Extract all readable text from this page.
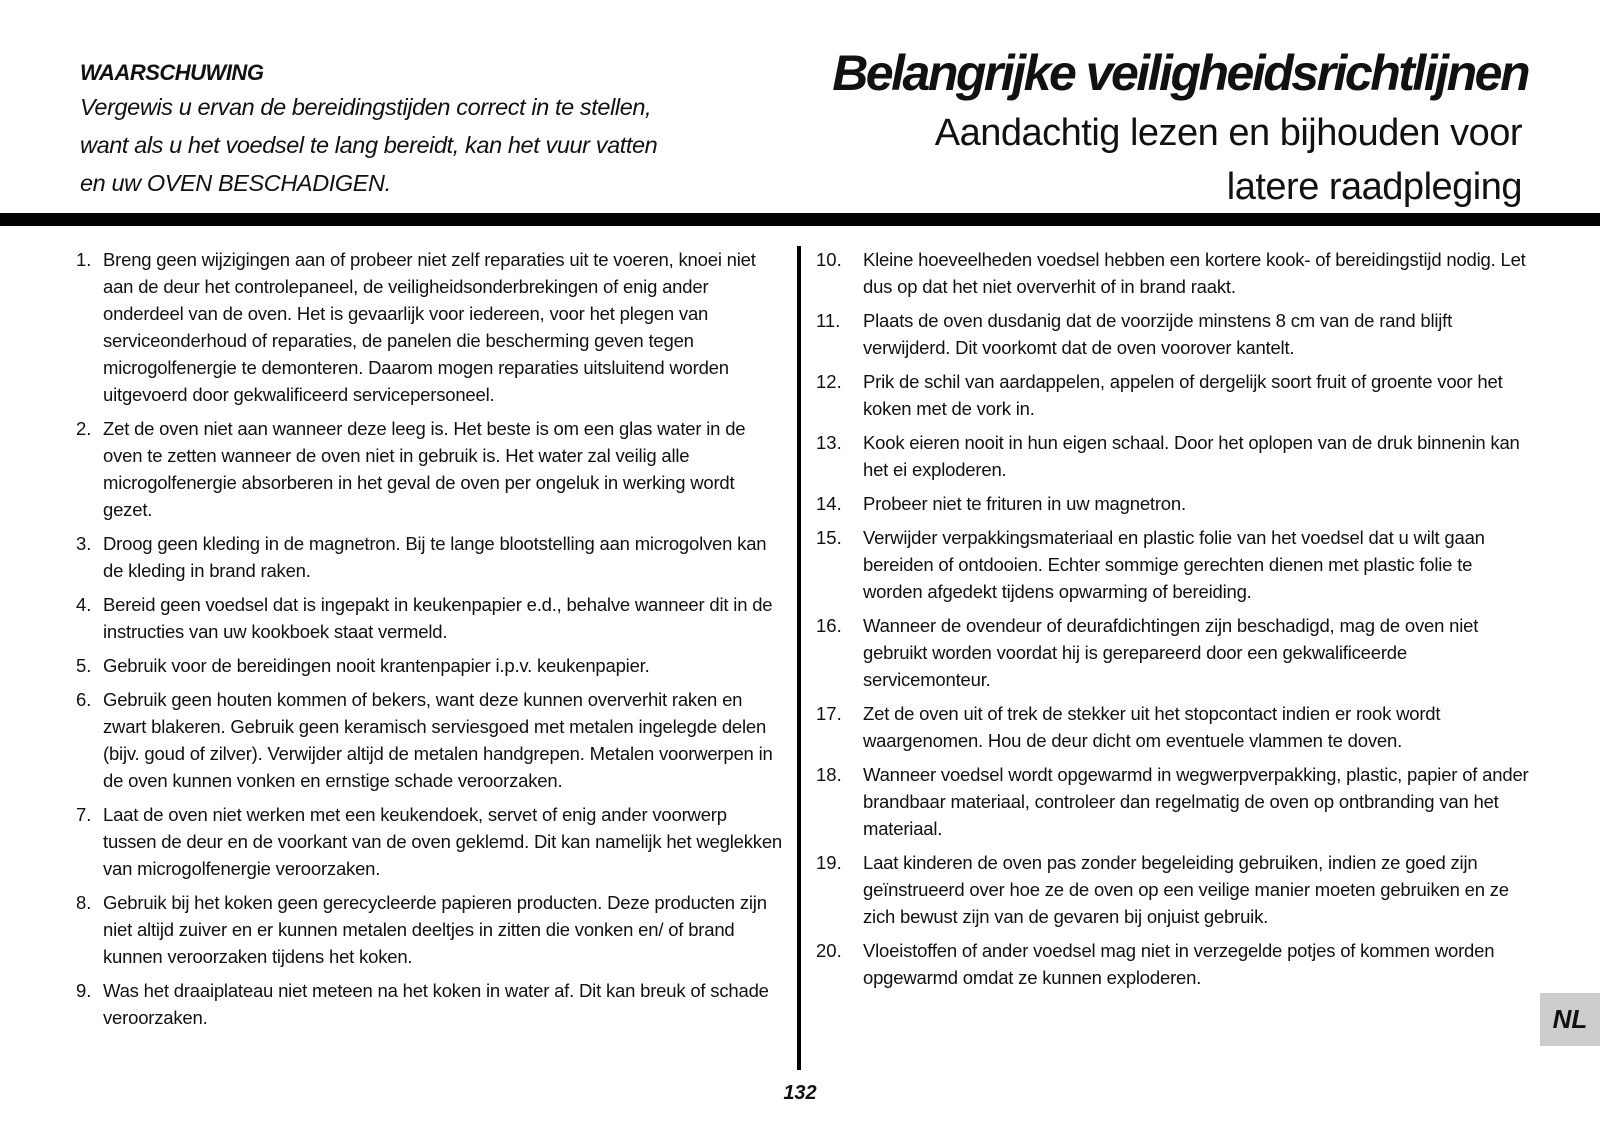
WAARSCHUWING
Vergewis u ervan de bereidingstijden correct in te stellen, want als u het voedsel te lang bereidt, kan het vuur vatten en uw OVEN BESCHADIGEN.
Belangrijke veiligheidsrichtlijnen
Aandachtig lezen en bijhouden voor
latere raadpleging
1. Breng geen wijzigingen aan of probeer niet zelf reparaties uit te voeren, knoei niet aan de deur het controlepaneel, de veiligheidsonderbrekingen of enig ander onderdeel van de oven. Het is gevaarlijk voor iedereen, voor het plegen van serviceonderhoud of reparaties, de panelen die bescherming geven tegen microgolfenergie te demonteren. Daarom mogen reparaties uitsluitend worden uitgevoerd door gekwalificeerd servicepersoneel.
2. Zet de oven niet aan wanneer deze leeg is. Het beste is om een glas water in de oven te zetten wanneer de oven niet in gebruik is. Het water zal veilig alle microgolfenergie absorberen in het geval de oven per ongeluk in werking wordt gezet.
3. Droog geen kleding in de magnetron. Bij te lange blootstelling aan microgolven kan de kleding in brand raken.
4. Bereid geen voedsel dat is ingepakt in keukenpapier e.d., behalve wanneer dit in de instructies van uw kookboek staat vermeld.
5. Gebruik voor de bereidingen nooit krantenpapier i.p.v. keukenpapier.
6. Gebruik geen houten kommen of bekers, want deze kunnen oververhit raken en zwart blakeren. Gebruik geen keramisch serviesgoed met metalen ingelegde delen (bijv. goud of zilver). Verwijder altijd de metalen handgrepen. Metalen voorwerpen in de oven kunnen vonken en ernstige schade veroorzaken.
7. Laat de oven niet werken met een keukendoek, servet of enig ander voorwerp tussen de deur en de voorkant van de oven geklemd. Dit kan namelijk het weglekken van microgolfenergie veroorzaken.
8. Gebruik bij het koken geen gerecycleerde papieren producten. Deze producten zijn niet altijd zuiver en er kunnen metalen deeltjes in zitten die vonken en/ of brand kunnen veroorzaken tijdens het koken.
9. Was het draaiplateau niet meteen na het koken in water af. Dit kan breuk of schade veroorzaken.
10.	Kleine hoeveelheden voedsel hebben een kortere kook- of bereidingstijd nodig. Let dus op dat het niet oververhit of in brand raakt.
11.	Plaats de oven dusdanig dat de voorzijde minstens 8 cm van de rand blijft verwijderd. Dit voorkomt dat de oven voorover kantelt.
12.	Prik de schil van aardappelen, appelen of dergelijk soort fruit of groente voor het koken met de vork in.
13.	Kook eieren nooit in hun eigen schaal. Door het oplopen van de druk binnenin kan het ei exploderen.
14.	Probeer niet te frituren in uw magnetron.
15.	Verwijder verpakkingsmateriaal en plastic folie van het voedsel dat u wilt gaan bereiden of ontdooien. Echter sommige gerechten dienen met plastic folie te worden afgedekt tijdens opwarming of bereiding.
16.	Wanneer de ovendeur of deurafdichtingen zijn beschadigd, mag de oven niet gebruikt worden voordat hij is gerepareerd door een gekwalificeerde servicemonteur.
17.	Zet de oven uit of trek de stekker uit het stopcontact indien er rook wordt waargenomen. Hou de deur dicht om eventuele vlammen te doven.
18.	Wanneer voedsel wordt opgewarmd in wegwerpverpakking, plastic, papier of ander brandbaar materiaal, controleer dan regelmatig de oven op ontbranding van het materiaal.
19.	Laat kinderen de oven pas zonder begeleiding gebruiken, indien ze goed zijn geïnstrueerd over hoe ze de oven op een veilige manier moeten gebruiken en ze zich bewust zijn van de gevaren bij onjuist gebruik.
20.	Vloeistoffen of ander voedsel mag niet in verzegelde potjes of kommen worden opgewarmd omdat ze kunnen exploderen.
132
NL
